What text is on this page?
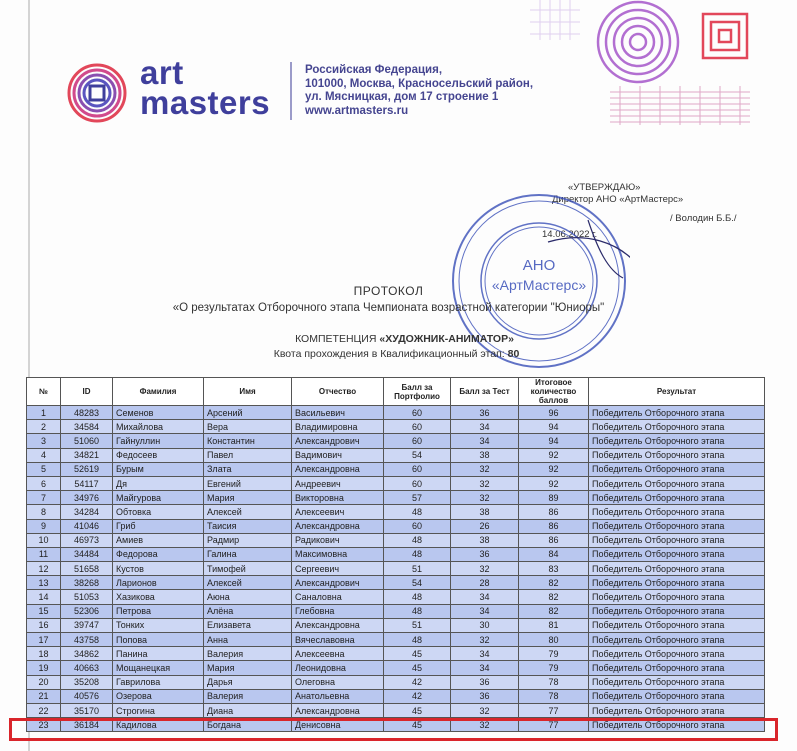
art
masters
Российская Федерация,
101000, Москва, Красносельский район,
ул. Мясницкая, дом 17 строение 1
www.artmasters.ru
«УТВЕРЖДАЮ»
Директор АНО «АртМастерс»
/ Володин Б.Б./
14.06.2022 г.
АНО
«АртМастерс»
ПРОТОКОЛ
«О результатах Отборочного этапа Чемпионата возрастной категории "Юниоры"
КОМПЕТЕНЦИЯ «ХУДОЖНИК-АНИМАТОР»
Квота прохождения в Квалификационный этап: 80
№	ID	Фамилия	Имя	Отчество	Балл за Портфолио	Балл за Тест	Итоговое количество баллов	Результат
1	48283	Семенов	Арсений	Васильевич	60	36	96	Победитель Отборочного этапа
2	34584	Михайлова	Вера	Владимировна	60	34	94	Победитель Отборочного этапа
3	51060	Гайнуллин	Константин	Александрович	60	34	94	Победитель Отборочного этапа
4	34821	Федосеев	Павел	Вадимович	54	38	92	Победитель Отборочного этапа
5	52619	Бурым	Злата	Александровна	60	32	92	Победитель Отборочного этапа
6	54117	Дя	Евгений	Андреевич	60	32	92	Победитель Отборочного этапа
7	34976	Майгурова	Мария	Викторовна	57	32	89	Победитель Отборочного этапа
8	34284	Обтовка	Алексей	Алексеевич	48	38	86	Победитель Отборочного этапа
9	41046	Гриб	Таисия	Александровна	60	26	86	Победитель Отборочного этапа
10	46973	Амиев	Радмир	Радикович	48	38	86	Победитель Отборочного этапа
11	34484	Федорова	Галина	Максимовна	48	36	84	Победитель Отборочного этапа
12	51658	Кустов	Тимофей	Сергеевич	51	32	83	Победитель Отборочного этапа
13	38268	Ларионов	Алексей	Александрович	54	28	82	Победитель Отборочного этапа
14	51053	Хазикова	Аюна	Саналовна	48	34	82	Победитель Отборочного этапа
15	52306	Петрова	Алёна	Глебовна	48	34	82	Победитель Отборочного этапа
16	39747	Тонких	Елизавета	Александровна	51	30	81	Победитель Отборочного этапа
17	43758	Попова	Анна	Вячеславовна	48	32	80	Победитель Отборочного этапа
18	34862	Панина	Валерия	Алексеевна	45	34	79	Победитель Отборочного этапа
19	40663	Мощанецкая	Мария	Леонидовна	45	34	79	Победитель Отборочного этапа
20	35208	Гаврилова	Дарья	Олеговна	42	36	78	Победитель Отборочного этапа
21	40576	Озерова	Валерия	Анатольевна	42	36	78	Победитель Отборочного этапа
22	35170	Строгина	Диана	Александровна	45	32	77	Победитель Отборочного этапа
23	36184	Кадилова	Богдана	Денисовна	45	32	77	Победитель Отборочного этапа
